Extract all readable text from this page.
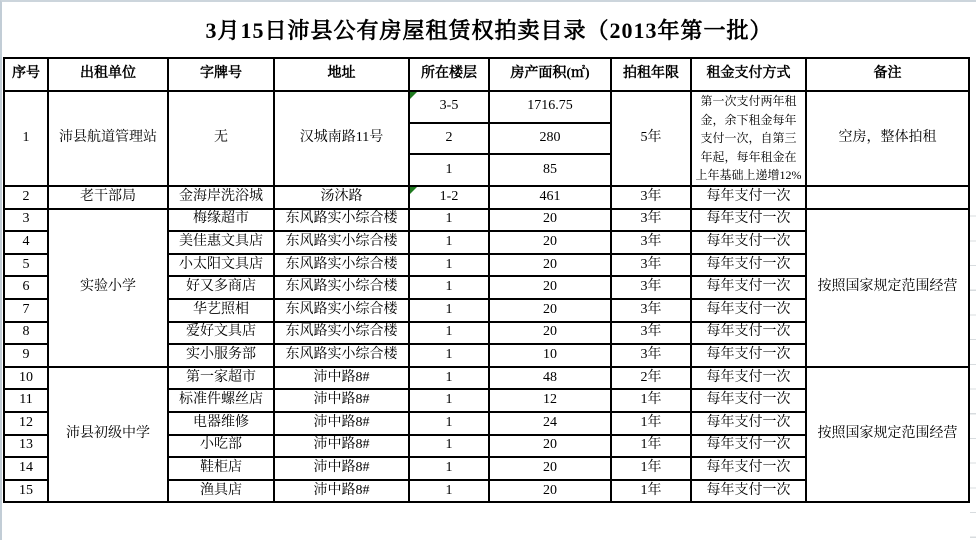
3月15日沛县公有房屋租赁权拍卖目录（2013年第一批）
序号	出租单位	字牌号	地址	所在楼层	房产面积(㎡)	拍租年限	租金支付方式	备注
1	沛县航道管理站	无	汉城南路11号	3-5	1716.75	5年	第一次支付两年租金，余下租金每年支付一次，自第三年起，每年租金在上年基础上递增12%	空房，整体拍租
				2	280			
				1	85			
2	老干部局	金海岸洗浴城	汤沐路	1-2	461	3年	每年支付一次	
3	实验小学	梅缘超市	东风路实小综合楼	1	20	3年	每年支付一次	按照国家规定范围经营
4		美佳惠文具店	东风路实小综合楼	1	20	3年	每年支付一次	
5		小太阳文具店	东风路实小综合楼	1	20	3年	每年支付一次	
6		好又多商店	东风路实小综合楼	1	20	3年	每年支付一次	
7		华艺照相	东风路实小综合楼	1	20	3年	每年支付一次	
8		爱好文具店	东风路实小综合楼	1	20	3年	每年支付一次	
9		实小服务部	东风路实小综合楼	1	10	3年	每年支付一次	
10	沛县初级中学	第一家超市	沛中路8#	1	48	2年	每年支付一次	按照国家规定范围经营
11		标准件螺丝店	沛中路8#	1	12	1年	每年支付一次	
12		电器维修	沛中路8#	1	24	1年	每年支付一次	
13		小吃部	沛中路8#	1	20	1年	每年支付一次	
14		鞋柜店	沛中路8#	1	20	1年	每年支付一次	
15		渔具店	沛中路8#	1	20	1年	每年支付一次	
